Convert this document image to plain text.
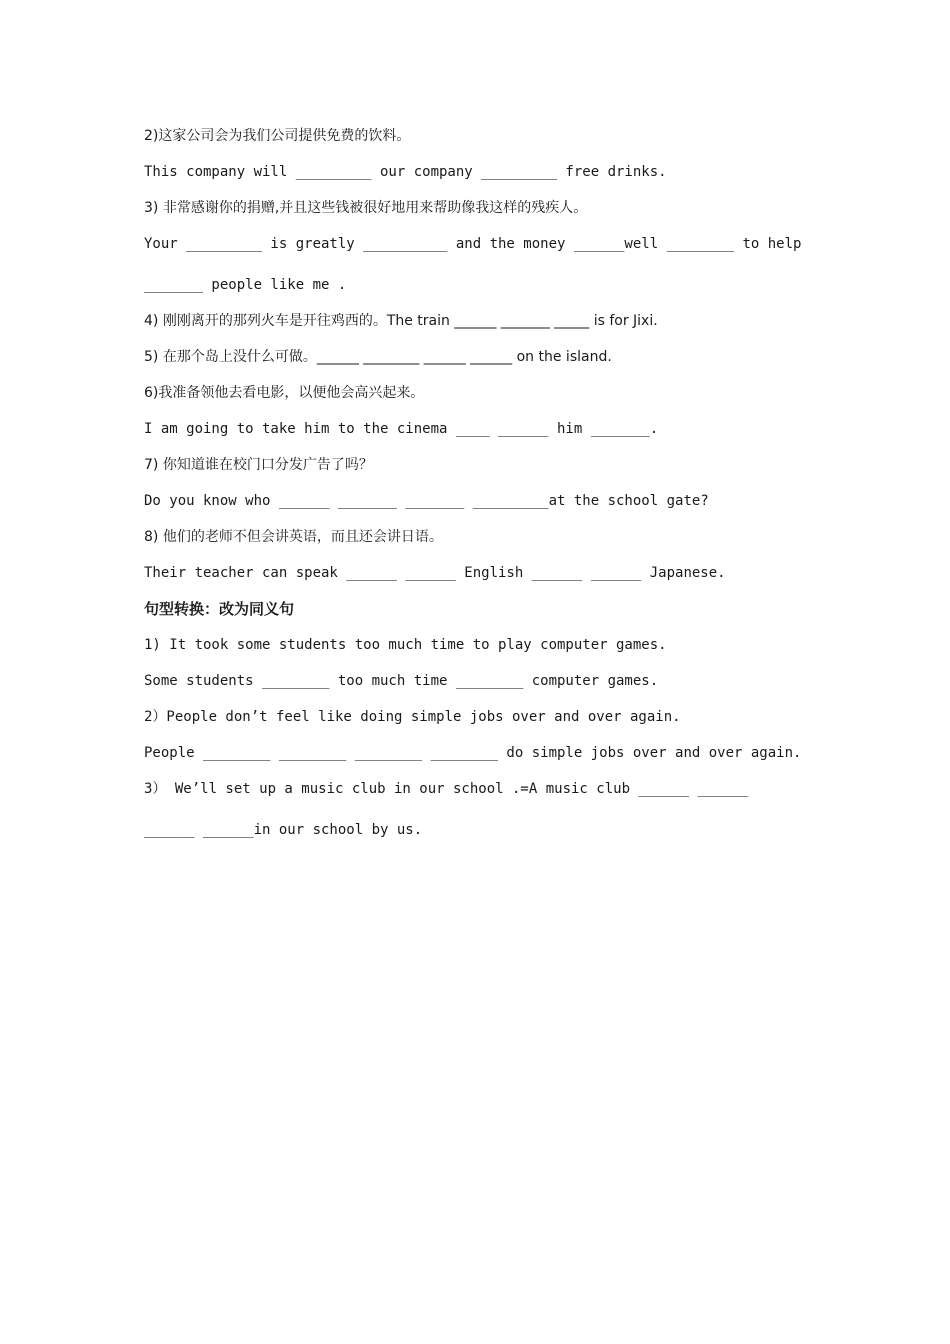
2)这家公司会为我们公司提供免费的饮料。
This company will _________ our company _________ free drinks.
3) 非常感谢你的捐赠,并且这些钱被很好地用来帮助像我这样的残疾人。
Your _________ is greatly __________ and the money ______well ________ to help
_______ people like me .
4) 刚刚离开的那列火车是开往鸡西的。The train ______ _______ _____ is for Jixi.
5) 在那个岛上没什么可做。______ ________ ______ ______ on the island.
6)我准备领他去看电影，以便他会高兴起来。
I am going to take him to the cinema ____ ______ him _______.
7) 你知道谁在校门口分发广告了吗？
Do you know who ______ _______ _______ _________at the school gate?
8) 他们的老师不但会讲英语，而且还会讲日语。
Their teacher can speak ______ ______ English ______ ______ Japanese.
句型转换：改为同义句
1) It took some students too much time to play computer games.
Some students ________ too much time ________ computer games.
2）People don’t feel like doing simple jobs over and over again.
People ________ ________ ________ ________ do simple jobs over and over again.
3） We’ll set up a music club in our school .=A music club ______ ______
______ ______in our school by us.
